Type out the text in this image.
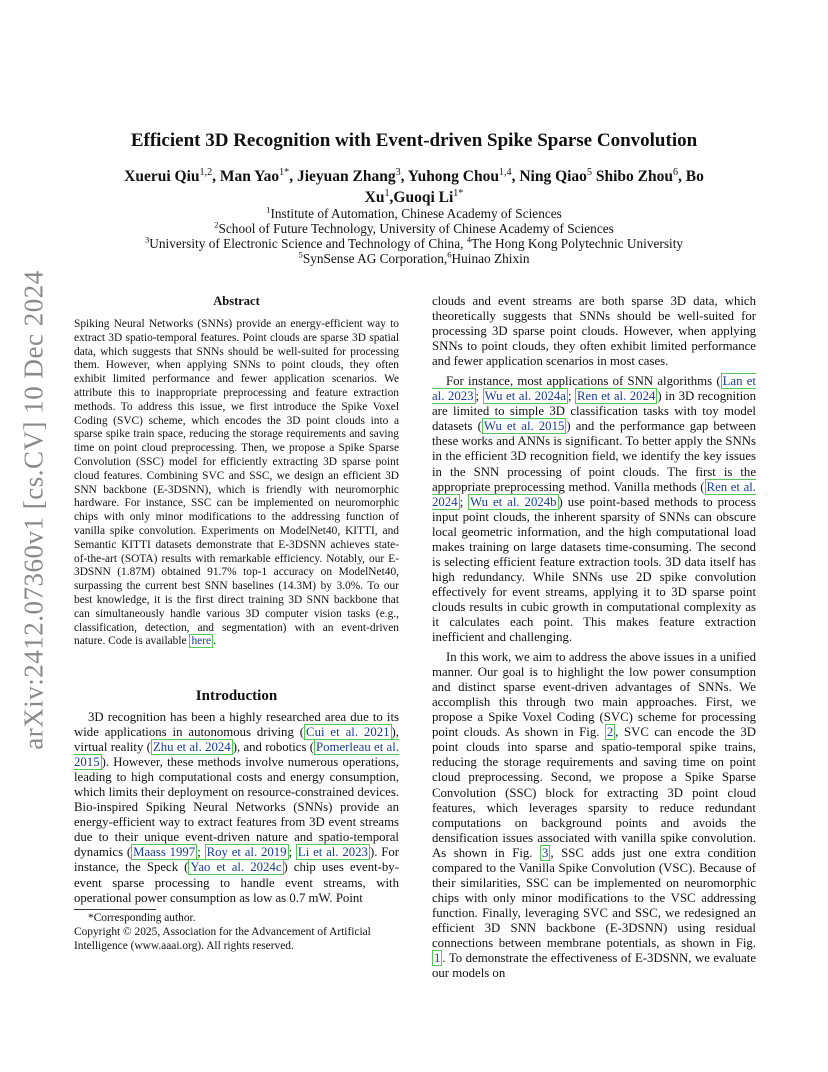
arXiv:2412.07360v1 [cs.CV] 10 Dec 2024
Efficient 3D Recognition with Event-driven Spike Sparse Convolution
Xuerui Qiu$^{1,2}$, Man Yao$^{1*}$, Jieyuan Zhang$^3$, Yuhong Chou$^{1,4}$, Ning Qiao$^5$ Shibo Zhou$^6$, Bo Xu$^1$,Guoqi $Li^{1*}$
$^1$Institute of Automation, Chinese Academy of Sciences
$^2$School of Future Technology, University of Chinese Academy of Sciences
$^3$University of Electronic Science and Technology of China, $^4$The Hong Kong Polytechnic University
$^5$SynSense AG Corporation,$^6$Huinao Zhixin
Abstract
Spiking Neural Networks (SNNs) provide an energy-efficient way to extract 3D spatio-temporal features. Point clouds are sparse 3D spatial data, which suggests that SNNs should be well-suited for processing them. However, when applying SNNs to point clouds, they often exhibit limited performance and fewer application scenarios. We attribute this to inappropriate preprocessing and feature extraction methods. To address this issue, we first introduce the Spike Voxel Coding (SVC) scheme, which encodes the 3D point clouds into a sparse spike train space, reducing the storage requirements and saving time on point cloud preprocessing. Then, we propose a Spike Sparse Convolution (SSC) model for efficiently extracting 3D sparse point cloud features. Combining SVC and SSC, we design an efficient 3D SNN backbone (E-3DSNN), which is friendly with neuromorphic hardware. For instance, SSC can be implemented on neuromorphic chips with only minor modifications to the addressing function of vanilla spike convolution. Experiments on ModelNet40, KITTI, and Semantic KITTI datasets demonstrate that E-3DSNN achieves state-of-the-art (SOTA) results with remarkable efficiency. Notably, our E-3DSNN (1.87M) obtained 91.7% top-1 accuracy on ModelNet40, surpassing the current best SNN baselines (14.3M) by 3.0%. To our best knowledge, it is the first direct training 3D SNN backbone that can simultaneously handle various 3D computer vision tasks (e.g., classification, detection, and segmentation) with an event-driven nature. Code is available here .
Introduction

3D recognition has been a highly researched area due to its wide applications in autonomous driving ( Cui et al. 2021 ), virtual reality ( Zhu et al. 2024 ), and robotics ( Pomerleau et al. 2015 ). However, these methods involve numerous operations, leading to high computational costs and energy consumption, which limits their deployment on resource-constrained devices. Bio-inspired Spiking Neural Networks (SNNs) provide an energy-efficient way to extract features from 3D event streams due to their unique event-driven nature and spatio-temporal dynamics ( Maass 1997 ; Roy et al. 2019 ; Li et al. 2023 ). For instance, the Speck ( Yao et al. 2024c ) chip uses event-by-event sparse processing to handle event streams, with operational power consumption as low as 0.7 mW. Point

*Corresponding author.
Copyright © 2025, Association for the Advancement of Artificial Intelligence (www.aaai.org). All rights reserved.

clouds and event streams are both sparse 3D data, which theoretically suggests that SNNs should be well-suited for processing 3D sparse point clouds. However, when applying SNNs to point clouds, they often exhibit limited performance and fewer application scenarios in most cases.

For instance, most applications of SNN algorithms ( Lan et al. 2023 ; Wu et al. 2024a ; Ren et al. 2024 ) in 3D recognition are limited to simple 3D classification tasks with toy model datasets ( Wu et al. 2015 ) and the performance gap between these works and ANNs is significant. To better apply the SNNs in the efficient 3D recognition field, we identify the key issues in the SNN processing of point clouds. The first is the appropriate preprocessing method. Vanilla methods ( Ren et al. 2024 ; Wu et al. 2024b ) use point-based methods to process input point clouds, the inherent sparsity of SNNs can obscure local geometric information, and the high computational load makes training on large datasets time-consuming. The second is selecting efficient feature extraction tools. 3D data itself has high redundancy. While SNNs use 2D spike convolution effectively for event streams, applying it to 3D sparse point clouds results in cubic growth in computational complexity as it calculates each point. This makes feature extraction inefficient and challenging.

In this work, we aim to address the above issues in a unified manner. Our goal is to highlight the low power consumption and distinct sparse event-driven advantages of SNNs. We accomplish this through two main approaches. First, we propose a Spike Voxel Coding (SVC) scheme for processing point clouds. As shown in Fig. 2 , SVC can encode the 3D point clouds into sparse and spatio-temporal spike trains, reducing the storage requirements and saving time on point cloud preprocessing. Second, we propose a Spike Sparse Convolution (SSC) block for extracting 3D point cloud features, which leverages sparsity to reduce redundant computations on background points and avoids the densification issues associated with vanilla spike convolution. As shown in Fig. 3 , SSC adds just one extra condition compared to the Vanilla Spike Convolution (VSC). Because of their similarities, SSC can be implemented on neuromorphic chips with only minor modifications to the VSC addressing function. Finally, leveraging SVC and SSC, we redesigned an efficient 3D SNN backbone (E-3DSNN) using residual connections between membrane potentials, as shown in Fig. 1 . To demonstrate the effectiveness of E-3DSNN, we evaluate our models on
